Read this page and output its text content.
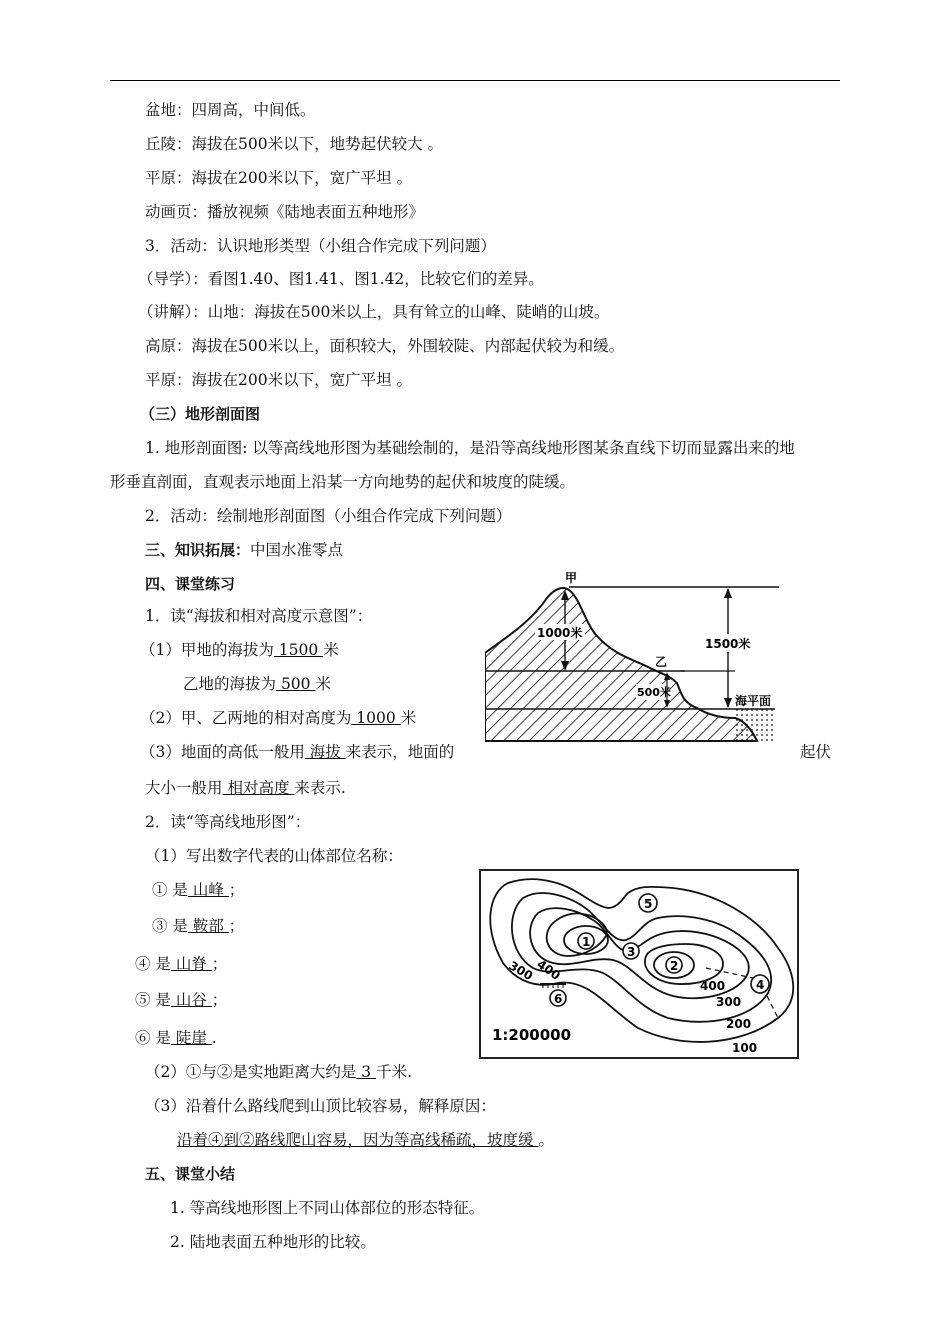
盆地：四周高，中间低。
丘陵：海拔在500米以下，地势起伏较大 。
平原：海拔在200米以下，宽广平坦 。
动画页：播放视频《陆地表面五种地形》
3．活动：认识地形类型（小组合作完成下列问题）
（导学）：看图1.40、图1.41、图1.42，比较它们的差异。
（讲解）：山地：海拔在500米以上，具有耸立的山峰、陡峭的山坡。
高原：海拔在500米以上，面积较大，外围较陡、内部起伏较为和缓。
平原：海拔在200米以下，宽广平坦 。
（三）地形剖面图
1. 地形剖面图: 以等高线地形图为基础绘制的，是沿等高线地形图某条直线下切而显露出来的地
形垂直剖面，直观表示地面上沿某一方向地势的起伏和坡度的陡缓。
2．活动：绘制地形剖面图（小组合作完成下列问题）
三、知识拓展：中国水准零点
四、课堂练习
1．读“海拔和相对高度示意图”：
（1）甲地的海拔为 1500 米
乙地的海拔为 500 米
（2）甲、乙两地的相对高度为 1000 米
（3）地面的高低一般用 海拔 来表示，地面的	起伏
大小一般用 相对高度 来表示.
2．读“等高线地形图”：
（1）写出数字代表的山体部位名称：
① 是 山峰 ；
③ 是 鞍部 ；
④ 是 山脊 ；
⑤ 是 山谷 ；
⑥ 是 陡崖 .
（2）①与②是实地距离大约是 3 千米.
（3）沿着什么路线爬到山顶比较容易，解释原因：
沿着④到②路线爬山容易，因为等高线稀疏，坡度缓 。
五、课堂小结
1. 等高线地形图上不同山体部位的形态特征。
2. 陆地表面五种地形的比较。
1000米
甲
乙
1500米
500米
海平面
1
2
3
4
5
6
400
300
400
300
200
100
1:200000
